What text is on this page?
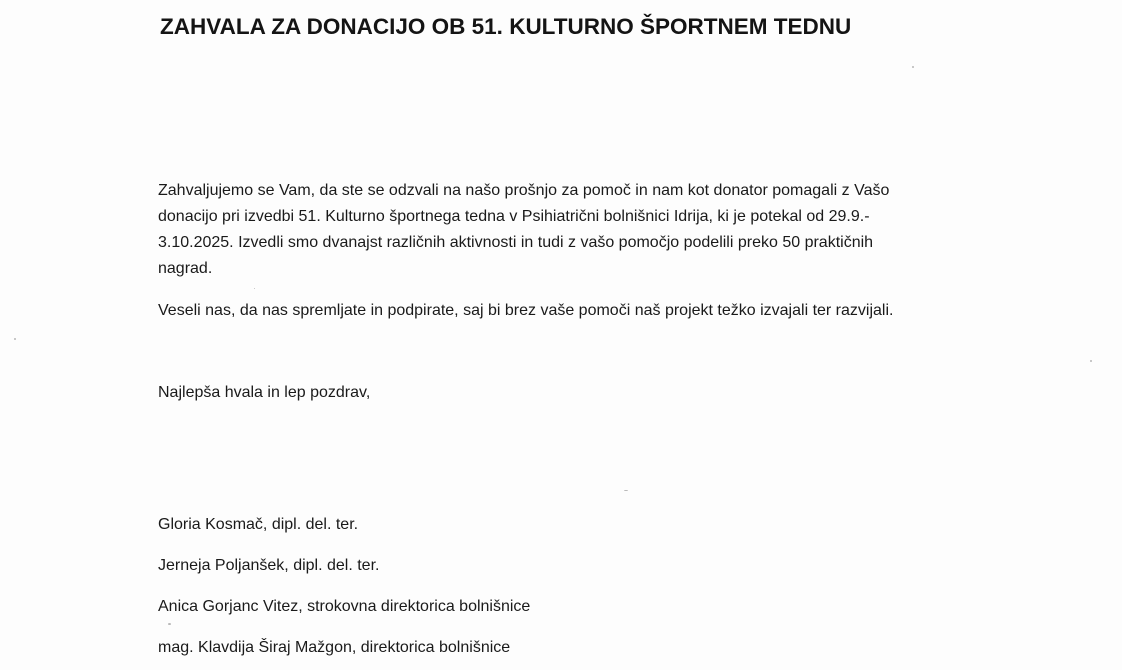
ZAHVALA ZA DONACIJO OB 51. KULTURNO ŠPORTNEM TEDNU
Zahvaljujemo se Vam, da ste se odzvali na našo prošnjo za pomoč in nam kot donator pomagali z Vašo
donacijo pri izvedbi 51. Kulturno športnega tedna v Psihiatrični bolnišnici Idrija, ki je potekal od 29.9.-
3.10.2025. Izvedli smo dvanajst različnih aktivnosti in tudi z vašo pomočjo podelili preko 50 praktičnih
nagrad.
Veseli nas, da nas spremljate in podpirate, saj bi brez vaše pomoči naš projekt težko izvajali ter razvijali.
Najlepša hvala in lep pozdrav,
Gloria Kosmač, dipl. del. ter.
Jerneja Poljanšek, dipl. del. ter.
Anica Gorjanc Vitez, strokovna direktorica bolnišnice
mag. Klavdija Širaj Mažgon, direktorica bolnišnice
